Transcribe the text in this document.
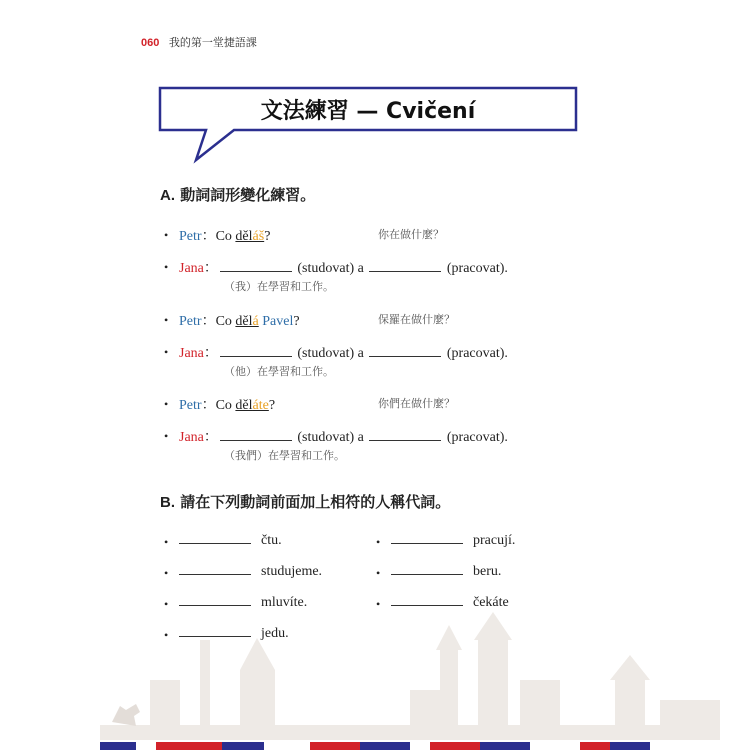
060 我的第一堂捷語課
文法練習 — Cvičení
A. 動詞詞形變化練習。
• Petr：Co děláš?	你在做什麼？
• Jana：	(studovat) a	(pracovat).
（我）在學習和工作。
• Petr：Co dělá Pavel?	保羅在做什麼？
• Jana：	(studovat) a	(pracovat).
（他）在學習和工作。
• Petr：Co děláte?	你們在做什麼？
• Jana：	(studovat) a	(pracovat).
（我們）在學習和工作。
B. 請在下列動詞前面加上相符的人稱代詞。
•	čtu.
•	studujeme.
•	mluvíte.
•	jedu.
•	pracují.
•	beru.
•	čekáte
